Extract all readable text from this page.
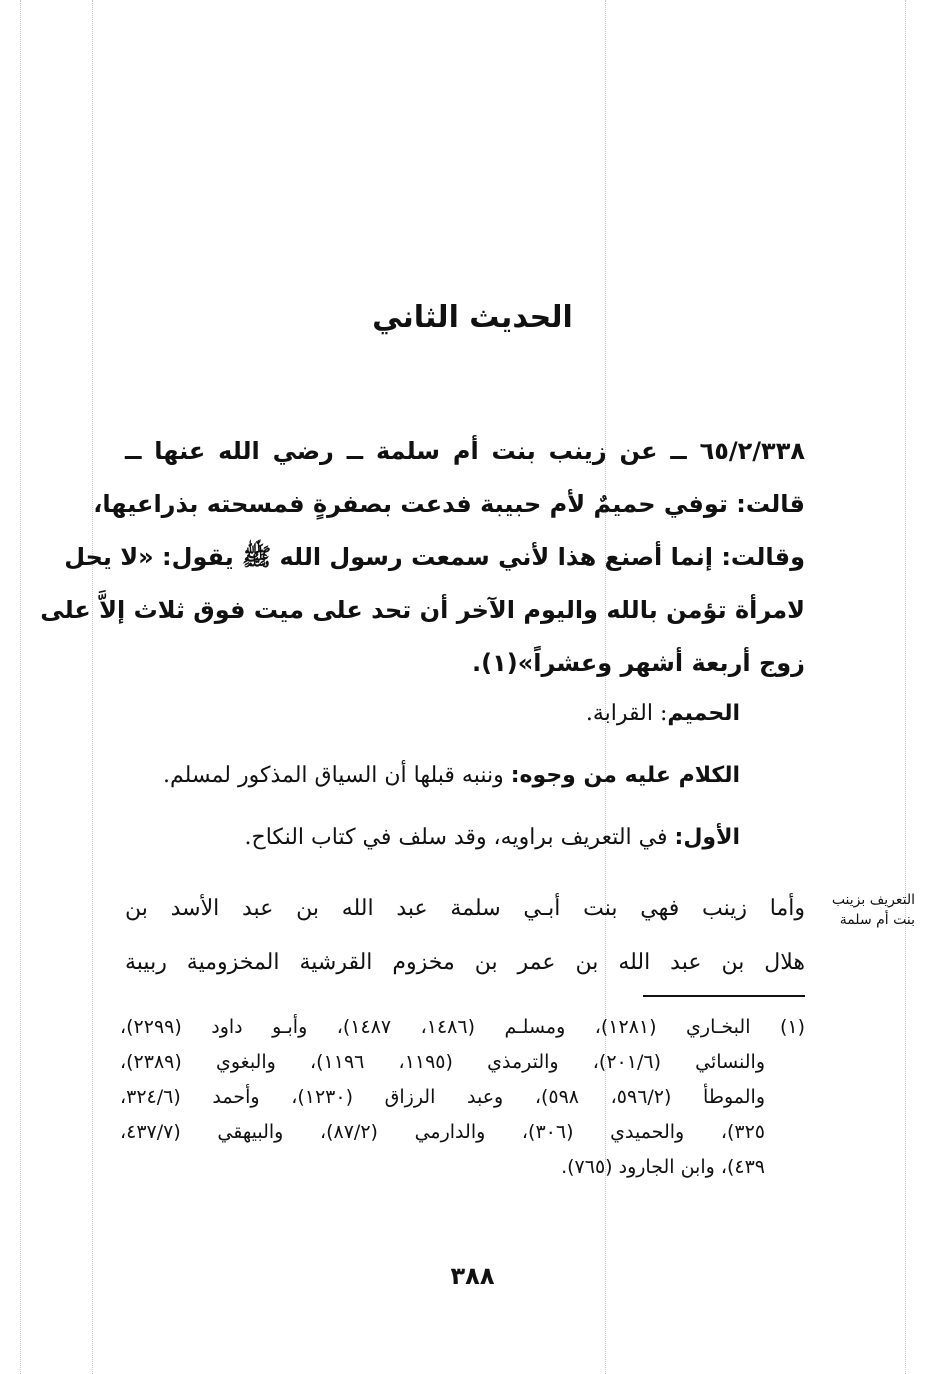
الحديث الثاني
٦٥/٢/٣٣٨ ــ عن زينب بنت أم سلمة ــ رضي الله عنها ــ
قالت: توفي حميمٌ لأم حبيبة فدعت بصفرةٍ فمسحته بذراعيها،
وقالت: إنما أصنع هذا لأني سمعت رسول الله ﷺ يقول: «لا يحل
لامرأة تؤمن بالله واليوم الآخر أن تحد على ميت فوق ثلاث إلاَّ على
زوج أربعة أشهر وعشراً»(١).
الحميم: القرابة.
الكلام عليه من وجوه: وننبه قبلها أن السياق المذكور لمسلم.
الأول: في التعريف براويه، وقد سلف في كتاب النكاح.
التعريف بزينب
بنت أم سلمة
وأما زينب فهي بنت أبـي سلمة عبد الله بن عبد الأسد بن
هلال بن عبد الله بن عمر بن مخزوم القرشية المخزومية ربيبة
(١) البخـاري (١٢٨١)، ومسلـم (١٤٨٦، ١٤٨٧)، وأبـو داود (٢٢٩٩)،
والنسائي (٢٠١/٦)، والترمذي (١١٩٥، ١١٩٦)، والبغوي (٢٣٨٩)،
والموطأ (٥٩٦/٢، ٥٩٨)، وعبد الرزاق (١٢٣٠)، وأحمد (٣٢٤/٦،
٣٢٥)، والحميدي (٣٠٦)، والدارمي (٨٧/٢)، والبيهقي (٤٣٧/٧،
٤٣٩)، وابن الجارود (٧٦٥).
٣٨٨
